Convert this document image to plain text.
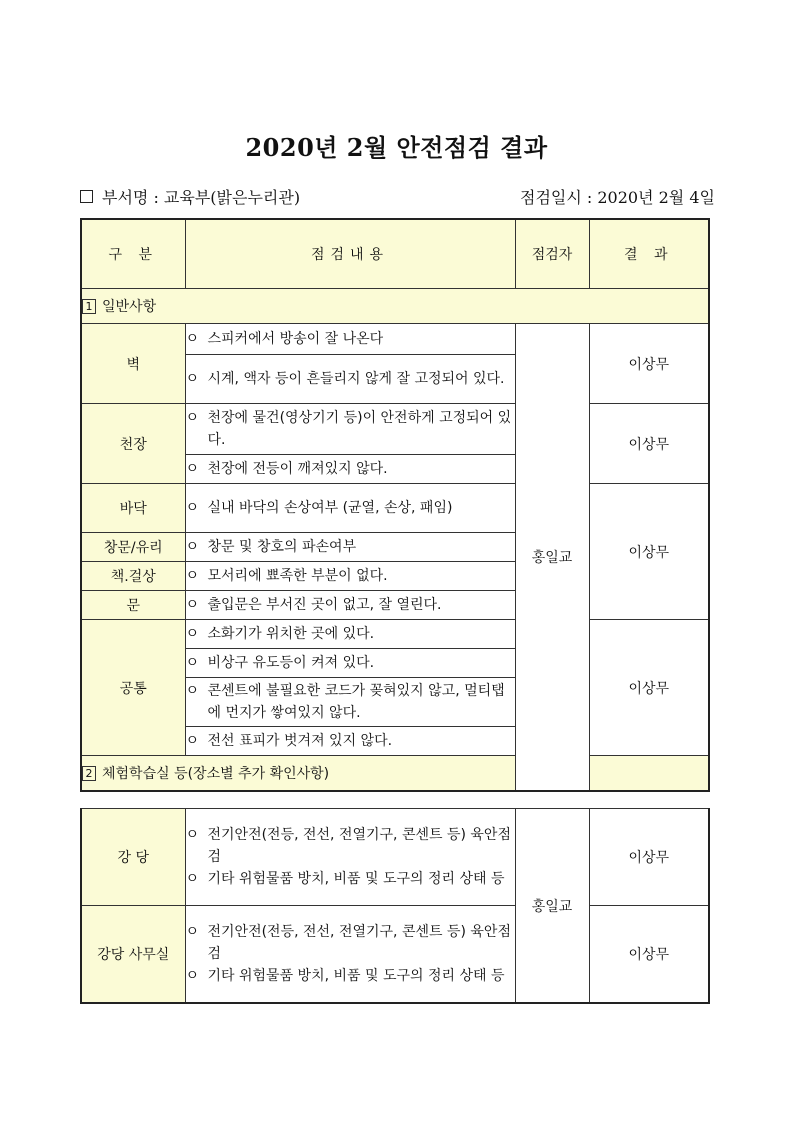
2020년 2월 안전점검 결과
부서명 : 교육부(밝은누리관)	점검일시 : 2020년 2월 4일
구 분	점검내용	점검자	결 과
1 일반사항			
벽	ㅇ 스피커에서 방송이 잘 나온다	홍일교	이상무

	ㅇ 시계, 액자 등이 흔들리지 않게 잘 고정되어 있다.		

천장	ㅇ 천장에 물건(영상기기 등)이 안전하게 고정되어 있다.		이상무

	ㅇ 천장에 전등이 깨져있지 않다.		

바닥	ㅇ 실내 바닥의 손상여부 (균열, 손상, 패임)		이상무
창문/유리	ㅇ 창문 및 창호의 파손여부		

책.걸상	ㅇ 모서리에 뾰족한 부분이 없다.		

문	ㅇ 출입문은 부서진 곳이 없고, 잘 열린다.		

공통	ㅇ 소화기가 위치한 곳에 있다.		이상무

	ㅇ 비상구 유도등이 켜져 있다.		

	ㅇ 콘센트에 불필요한 코드가 꽂혀있지 않고, 멀티탭에 먼지가 쌓여있지 않다.		

	ㅇ 전선 표피가 벗겨져 있지 않다.		

2 체험학습실 등(장소별 추가 확인사항)			
강 당	ㅇ 전기안전(전등, 전선, 전열기구, 콘센트 등) 육안점검
ㅇ 기타 위험물품 방치, 비품 및 도구의 정리 상태 등	홍일교	이상무
강당 사무실	ㅇ 전기안전(전등, 전선, 전열기구, 콘센트 등) 육안점검
ㅇ 기타 위험물품 방치, 비품 및 도구의 정리 상태 등		이상무
